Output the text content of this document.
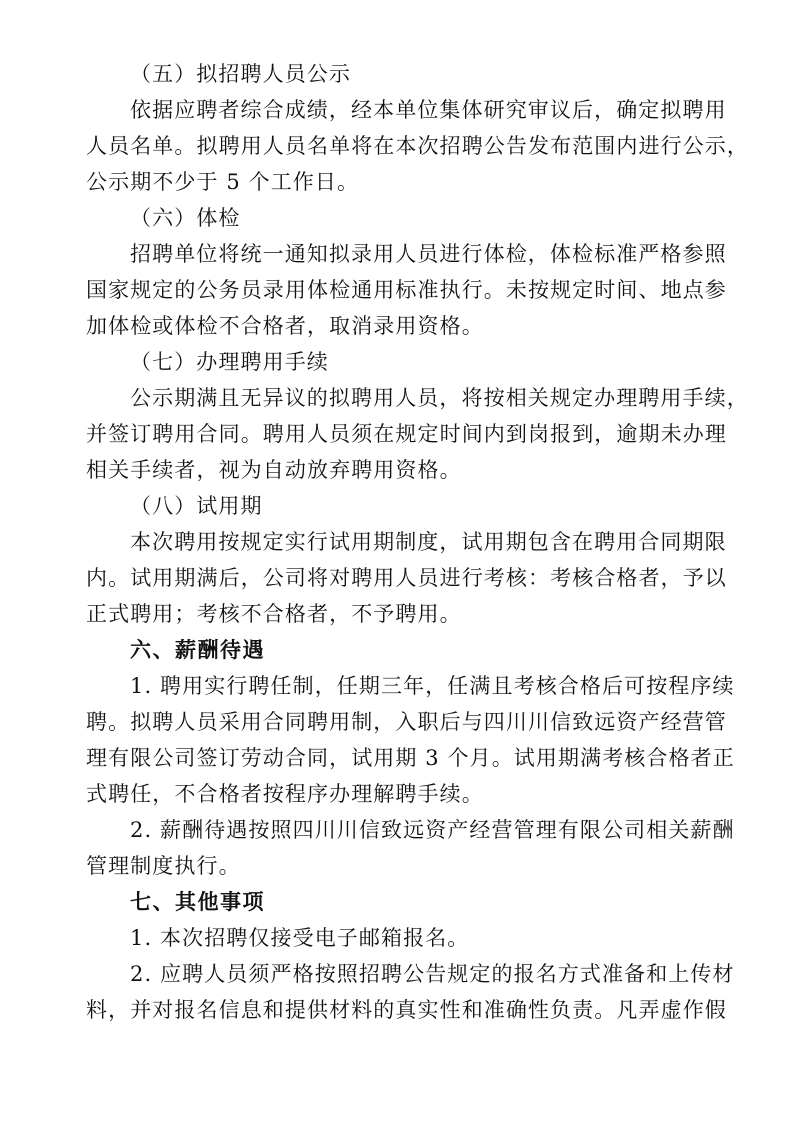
（五）拟招聘人员公示
依据应聘者综合成绩，经本单位集体研究审议后，确定拟聘用
人员名单。拟聘用人员名单将在本次招聘公告发布范围内进行公示，
公示期不少于 5 个工作日。
（六）体检
招聘单位将统一通知拟录用人员进行体检，体检标准严格参照
国家规定的公务员录用体检通用标准执行。未按规定时间、地点参
加体检或体检不合格者，取消录用资格。
（七）办理聘用手续
公示期满且无异议的拟聘用人员，将按相关规定办理聘用手续，
并签订聘用合同。聘用人员须在规定时间内到岗报到，逾期未办理
相关手续者，视为自动放弃聘用资格。
（八）试用期
本次聘用按规定实行试用期制度，试用期包含在聘用合同期限
内。试用期满后，公司将对聘用人员进行考核：考核合格者，予以
正式聘用；考核不合格者，不予聘用。
六、薪酬待遇
1. 聘用实行聘任制，任期三年，任满且考核合格后可按程序续
聘。拟聘人员采用合同聘用制，入职后与四川川信致远资产经营管
理有限公司签订劳动合同，试用期 3 个月。试用期满考核合格者正
式聘任，不合格者按程序办理解聘手续。
2. 薪酬待遇按照四川川信致远资产经营管理有限公司相关薪酬
管理制度执行。
七、其他事项
1. 本次招聘仅接受电子邮箱报名。
2. 应聘人员须严格按照招聘公告规定的报名方式准备和上传材
料，并对报名信息和提供材料的真实性和准确性负责。凡弄虚作假
